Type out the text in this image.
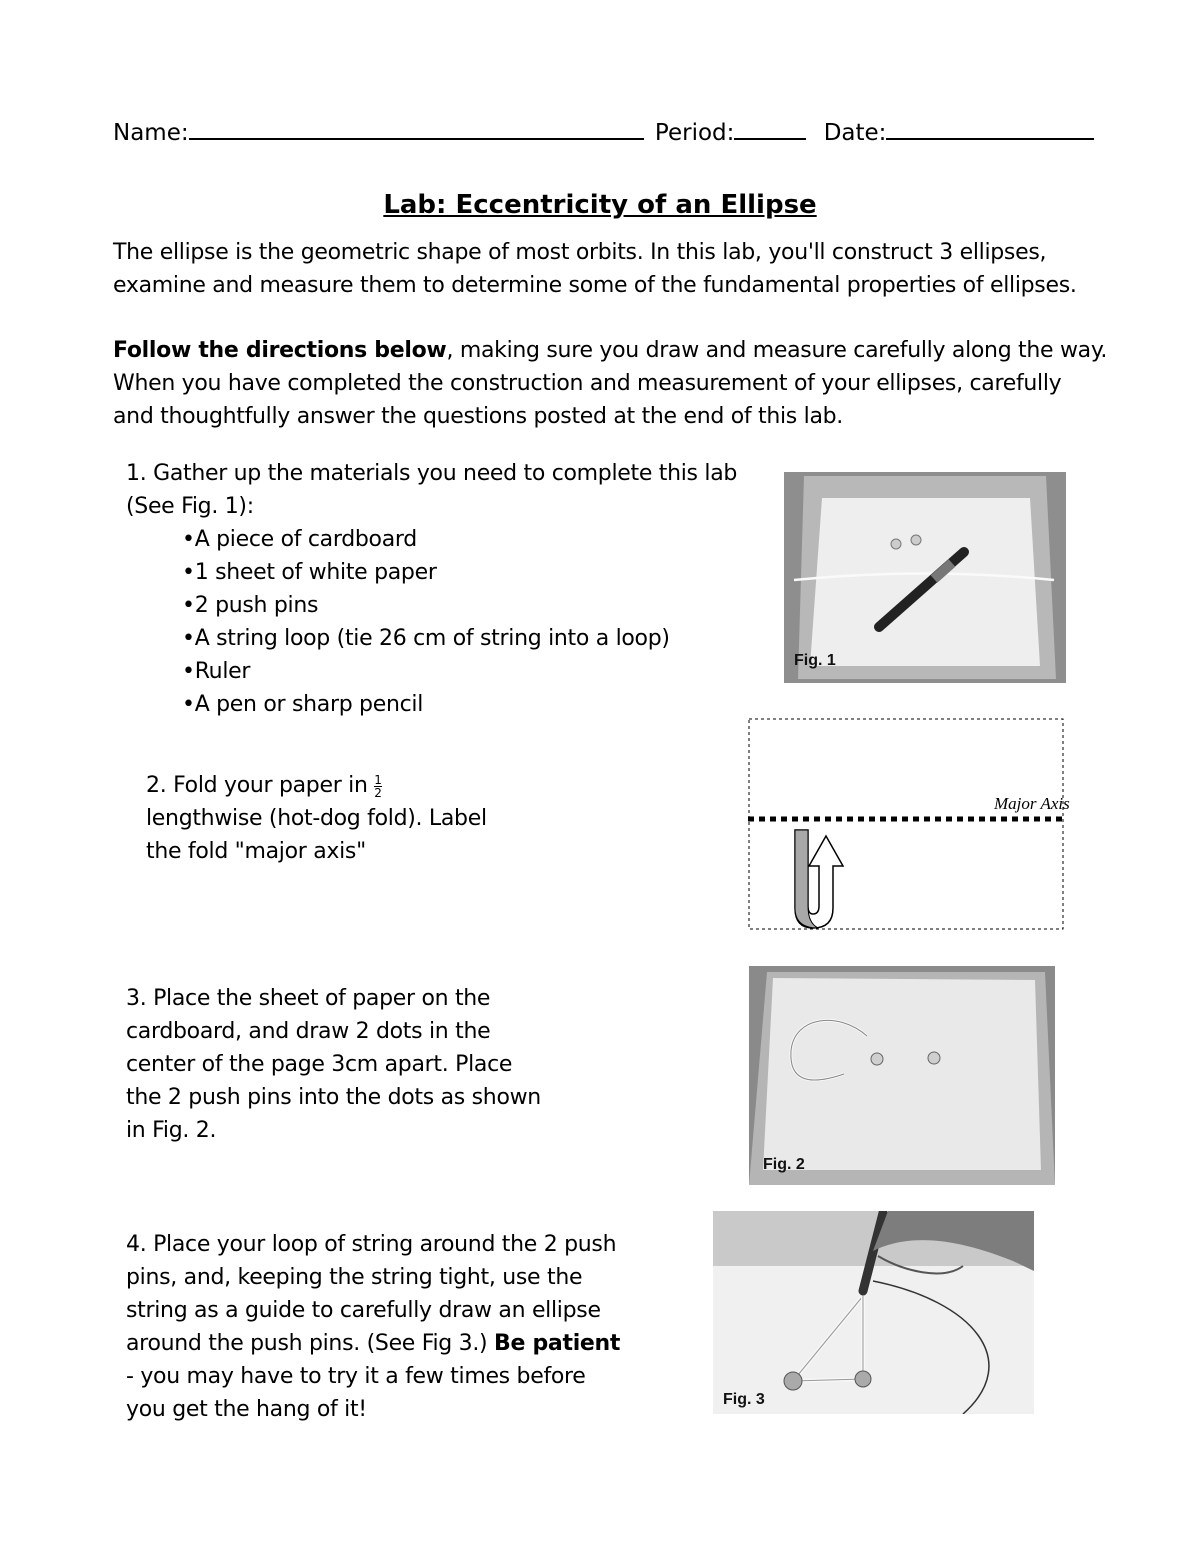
Name:	Period:	Date:
Lab: Eccentricity of an Ellipse
The ellipse is the geometric shape of most orbits. In this lab, you'll construct 3 ellipses,
examine and measure them to determine some of the fundamental properties of ellipses.
Follow the directions below, making sure you draw and measure carefully along the way.
When you have completed the construction and measurement of your ellipses, carefully
and thoughtfully answer the questions posted at the end of this lab.
1. Gather up the materials you need to complete this lab
(See Fig. 1):
• A piece of cardboard
• 1 sheet of white paper
• 2 push pins
• A string loop (tie 26 cm of string into a loop)
• Ruler
• A pen or sharp pencil
Fig. 1
2. Fold your paper in $\frac{1}{2}$
lengthwise (hot-dog fold). Label
the fold "major axis"
Major Axis
3. Place the sheet of paper on the
cardboard, and draw 2 dots in the
center of the page 3cm apart. Place
the 2 push pins into the dots as shown
in Fig. 2.
Fig. 2
4. Place your loop of string around the 2 push
pins, and, keeping the string tight, use the
string as a guide to carefully draw an ellipse
around the push pins. (See Fig 3.) Be patient
- you may have to try it a few times before
you get the hang of it!	Fig. 3
